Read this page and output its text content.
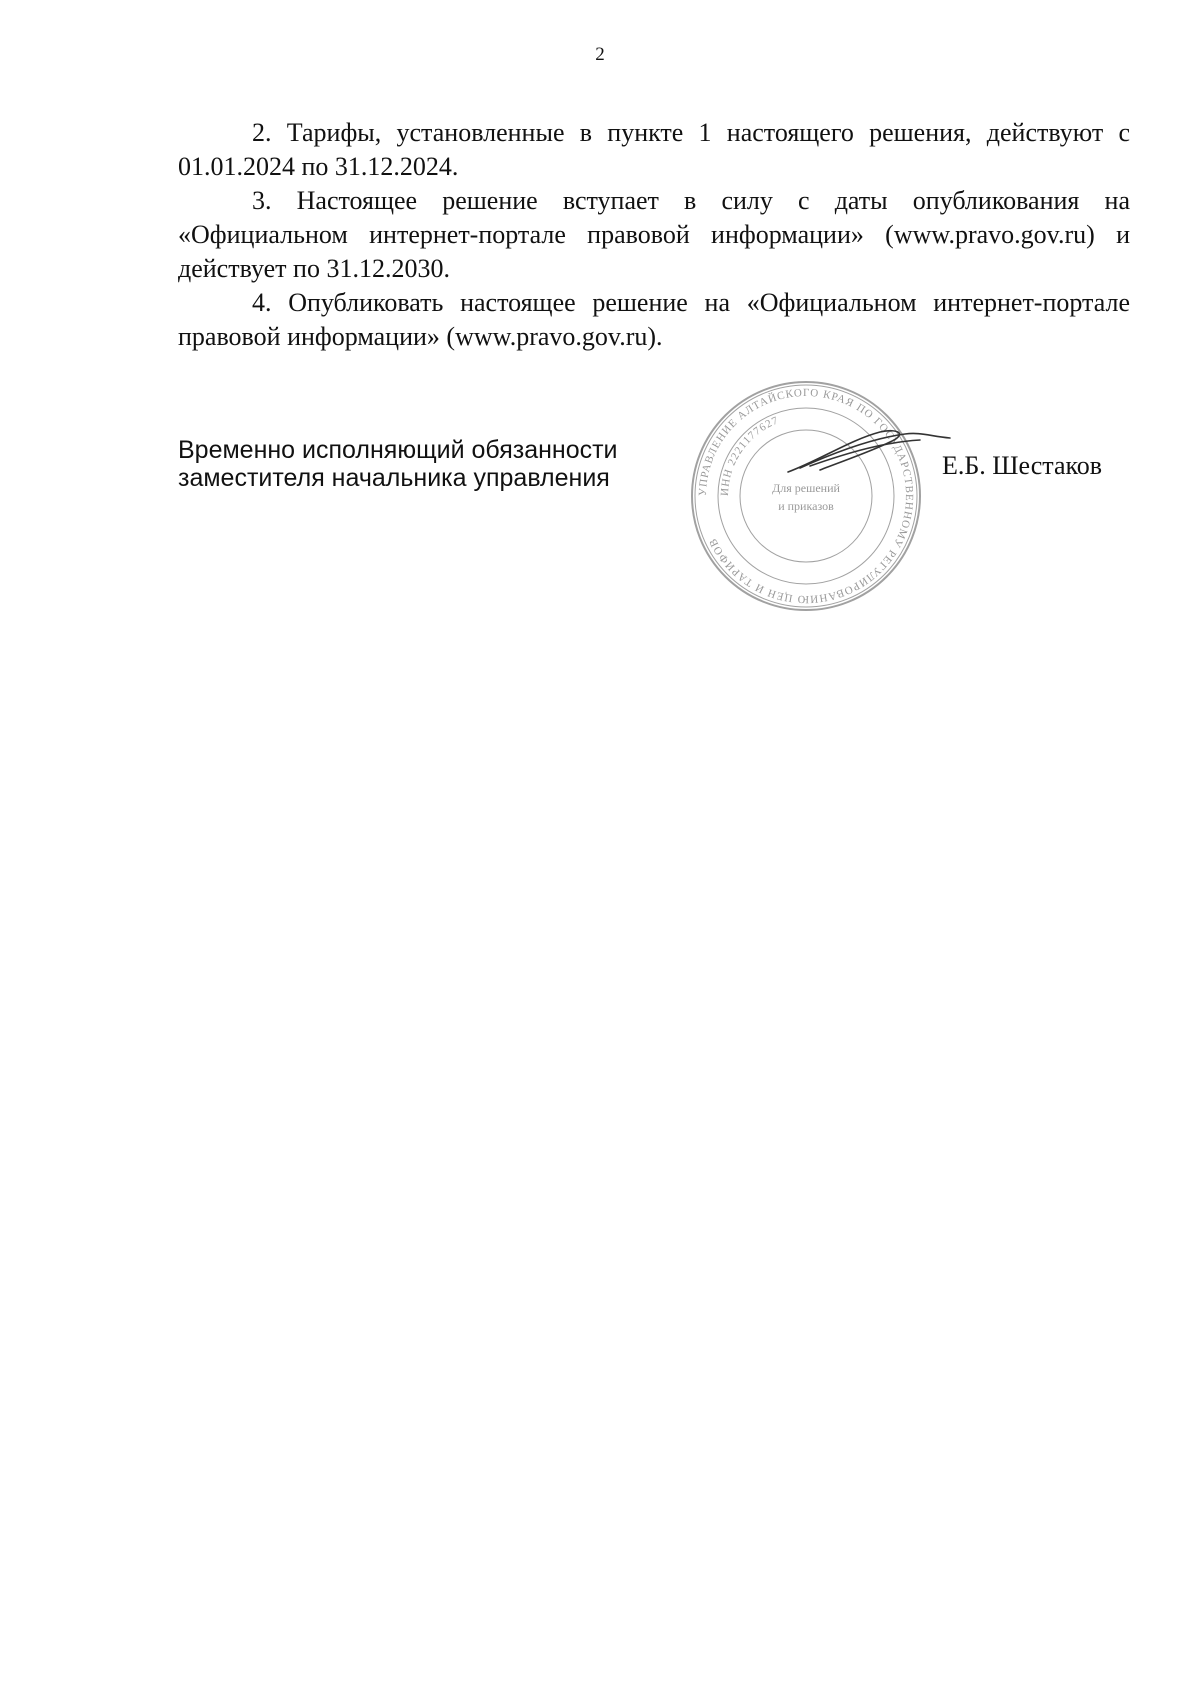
2

2. Тарифы, установленные в пункте 1 настоящего решения, действуют с 01.01.2024 по 31.12.2024.

3. Настоящее решение вступает в силу с даты опубликования на «Официальном интернет-портале правовой информации» (www.pravo.gov.ru) и действует по 31.12.2030.

4. Опубликовать настоящее решение на «Официальном интернет-портале правовой информации» (www.pravo.gov.ru).

Временно исполняющий обязанности
заместителя начальника управления	УПРАВЛЕНИЕ АЛТАЙСКОГО КРАЯ ПО ГОСУДАРСТВЕННОМУ РЕГУЛИРОВАНИЮ ЦЕН И ТАРИФОВ
ИНН 2221177627
Для решений
и приказов
Е.Б. Шестаков
